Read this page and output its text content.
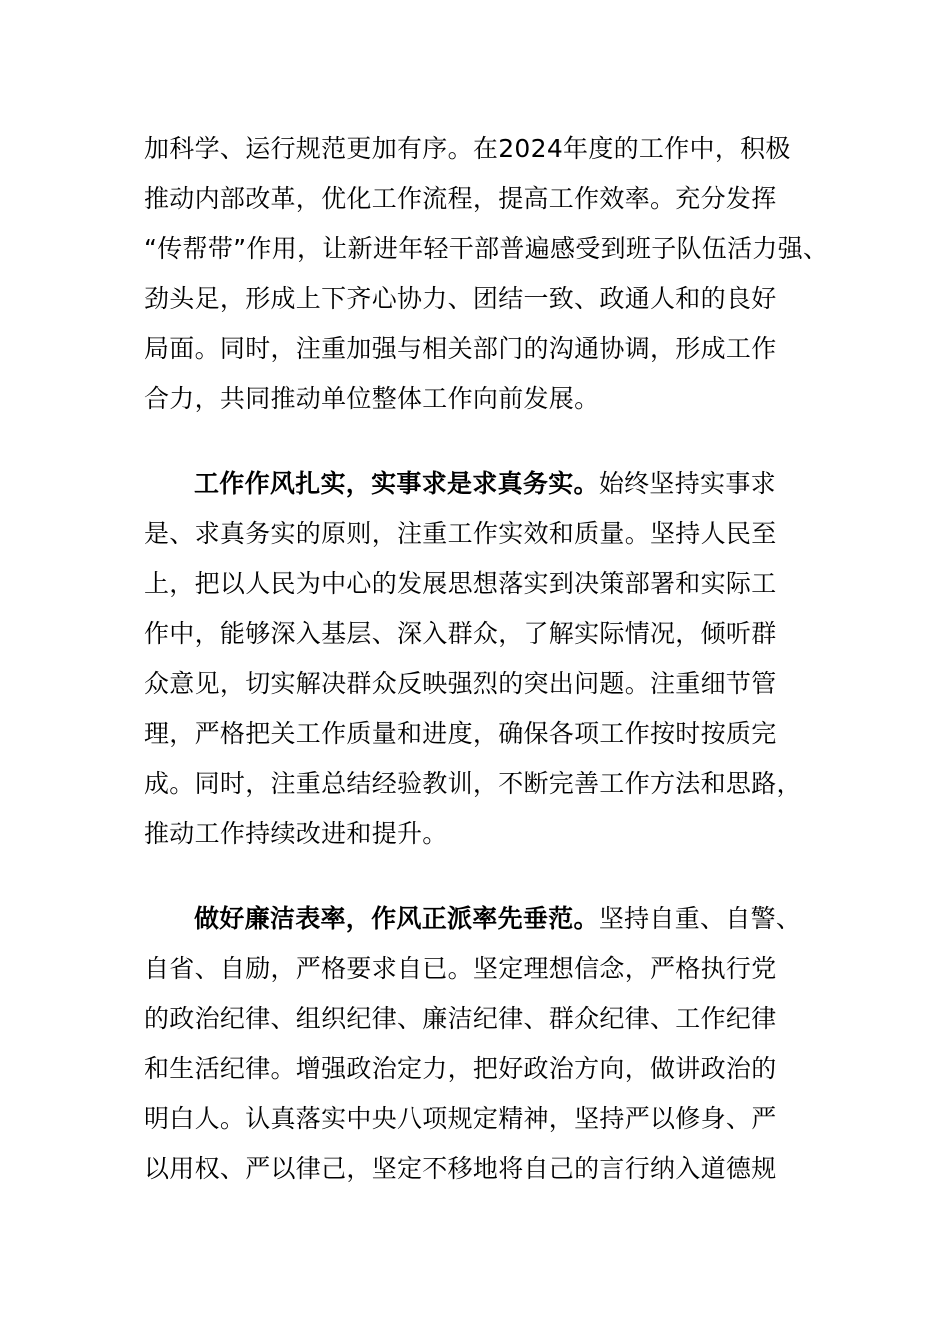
加科学、运行规范更加有序。在2024年度的工作中，积极
推动内部改革，优化工作流程，提高工作效率。充分发挥
“传帮带”作用，让新进年轻干部普遍感受到班子队伍活力强、
劲头足，形成上下齐心协力、团结一致、政通人和的良好
局面。同时，注重加强与相关部门的沟通协调，形成工作
合力，共同推动单位整体工作向前发展。

工作作风扎实，实事求是求真务实。始终坚持实事求
是、求真务实的原则，注重工作实效和质量。坚持人民至
上，把以人民为中心的发展思想落实到决策部署和实际工
作中，能够深入基层、深入群众，了解实际情况，倾听群
众意见，切实解决群众反映强烈的突出问题。注重细节管
理，严格把关工作质量和进度，确保各项工作按时按质完
成。同时，注重总结经验教训，不断完善工作方法和思路，
推动工作持续改进和提升。

做好廉洁表率，作风正派率先垂范。坚持自重、自警、
自省、自励，严格要求自已。坚定理想信念，严格执行党
的政治纪律、组织纪律、廉洁纪律、群众纪律、工作纪律
和生活纪律。增强政治定力，把好政治方向，做讲政治的
明白人。认真落实中央八项规定精神，坚持严以修身、严
以用权、严以律己，坚定不移地将自己的言行纳入道德规
